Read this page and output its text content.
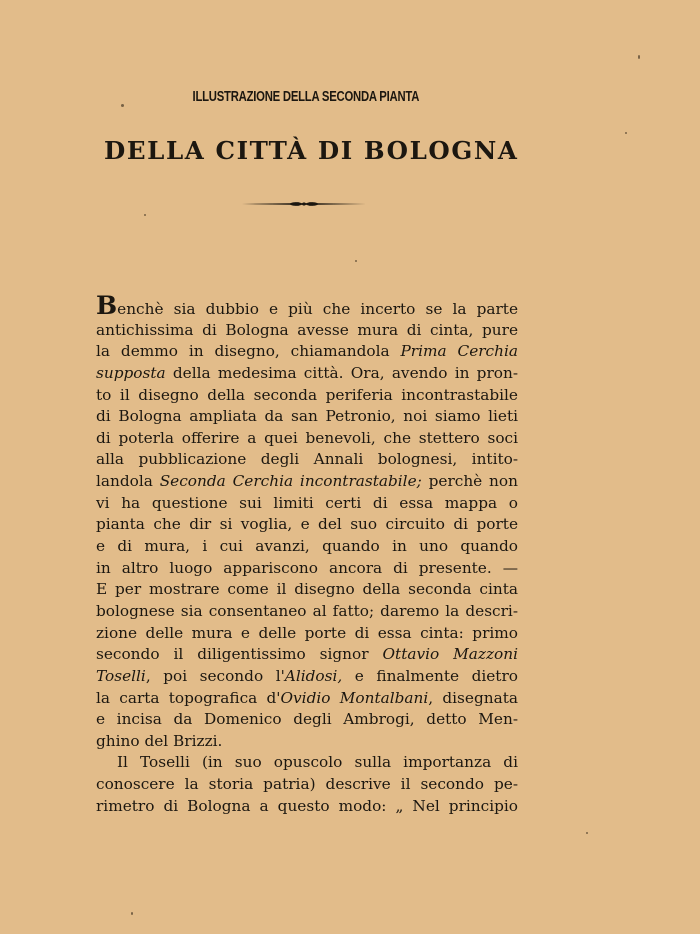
ILLUSTRAZIONE DELLA SECONDA PIANTA
DELLA CITTÀ DI BOLOGNA
Benchè sia dubbio e più che incerto se la parte
antichissima di Bologna avesse mura di cinta, pure
la demmo in disegno, chiamandola Prima Cerchia
supposta della medesima città. Ora, avendo in pron-
to il disegno della seconda periferia incontrastabile
di Bologna ampliata da san Petronio, noi siamo lieti
di poterla offerire a quei benevoli, che stettero soci
alla pubblicazione degli Annali bolognesi, intito-
landola Seconda Cerchia incontrastabile; perchè non
vi ha questione sui limiti certi di essa mappa o
pianta che dir si voglia, e del suo circuito di porte
e di mura, i cui avanzi, quando in uno quando
in altro luogo appariscono ancora di presente. —
E per mostrare come il disegno della seconda cinta
bolognese sia consentaneo al fatto; daremo la descri-
zione delle mura e delle porte di essa cinta: primo
secondo il diligentissimo signor Ottavio Mazzoni
Toselli, poi secondo l'Alidosi, e finalmente dietro
la carta topografica d'Ovidio Montalbani, disegnata
e incisa da Domenico degli Ambrogi, detto Men-
ghino del Brizzi.
Il Toselli (in suo opuscolo sulla importanza di
conoscere la storia patria) descrive il secondo pe-
rimetro di Bologna a questo modo: „ Nel principio
